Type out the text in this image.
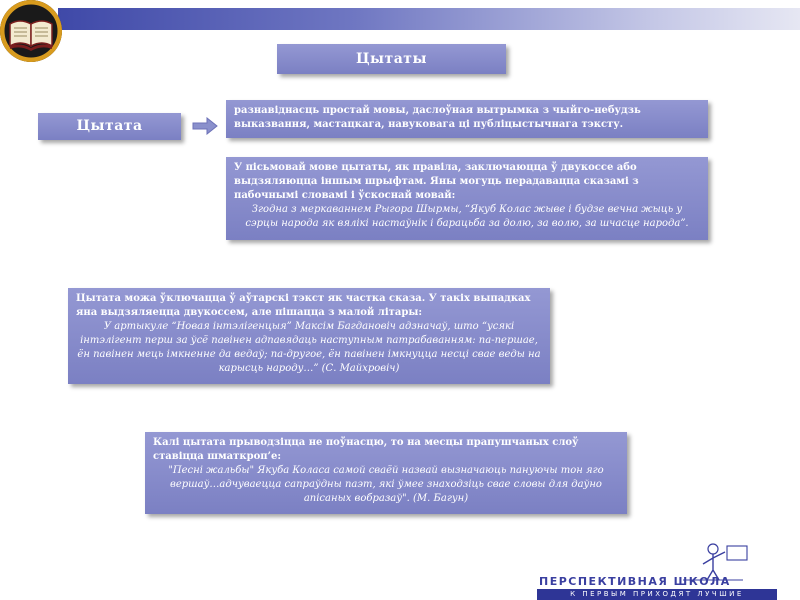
Цытаты
Цытата
разнавіднасць простай мовы, даслоўная вытрымка з чыйго-небудзь выказвання, мастацкага, навуковага ці публіцыстычнага тэксту.
У пісьмовай мове цытаты, як правіла, заключаюцца ў двукоссе або выдзяляюцца іншым шрыфтам. Яны могуць перадавацца сказамі з пабочнымі словамі і ўскоснай мовай:
Згодна з меркаваннем Рыгора Шырмы, “Якуб Колас жыве і будзе вечна жыць у сэрцы народа як вялікі настаўнік і барацьба за долю, за волю, за шчасце народа”.
Цытата можа ўключацца ў аўтарскі тэкст як частка сказа. У такіх выпадках яна выдзяляецца двукоссем, але пішацца з малой літары:
У артыкуле “Новая інтэлігенцыя” Максім Багдановіч адзначаў, што “усякі інтэлігент перш за ўсё павінен адпавядаць наступным патрабаванням: па-першае, ён павінен мець імкненне да ведаў; па-другое, ён павінен імкнуцца несці свае веды на карысць народу…” (С. Майхровіч)
Калі цытата прыводзіцца не поўнасцю, то на месцы прапушчаных слоў ставіцца шматкроп’е:
"Песні жальбы" Якуба Коласа самой сваёй назвай вызначаюць пануючы тон яго вершаў…адчуваецца сапраўдны паэт, які ўмее знаходзіць свае словы для даўно апісаных вобразаў". (М. Багун)
ПЕРСПЕКТИВНАЯ ШКОЛА
К ПЕРВЫМ ПРИХОДЯТ ЛУЧШИЕ
